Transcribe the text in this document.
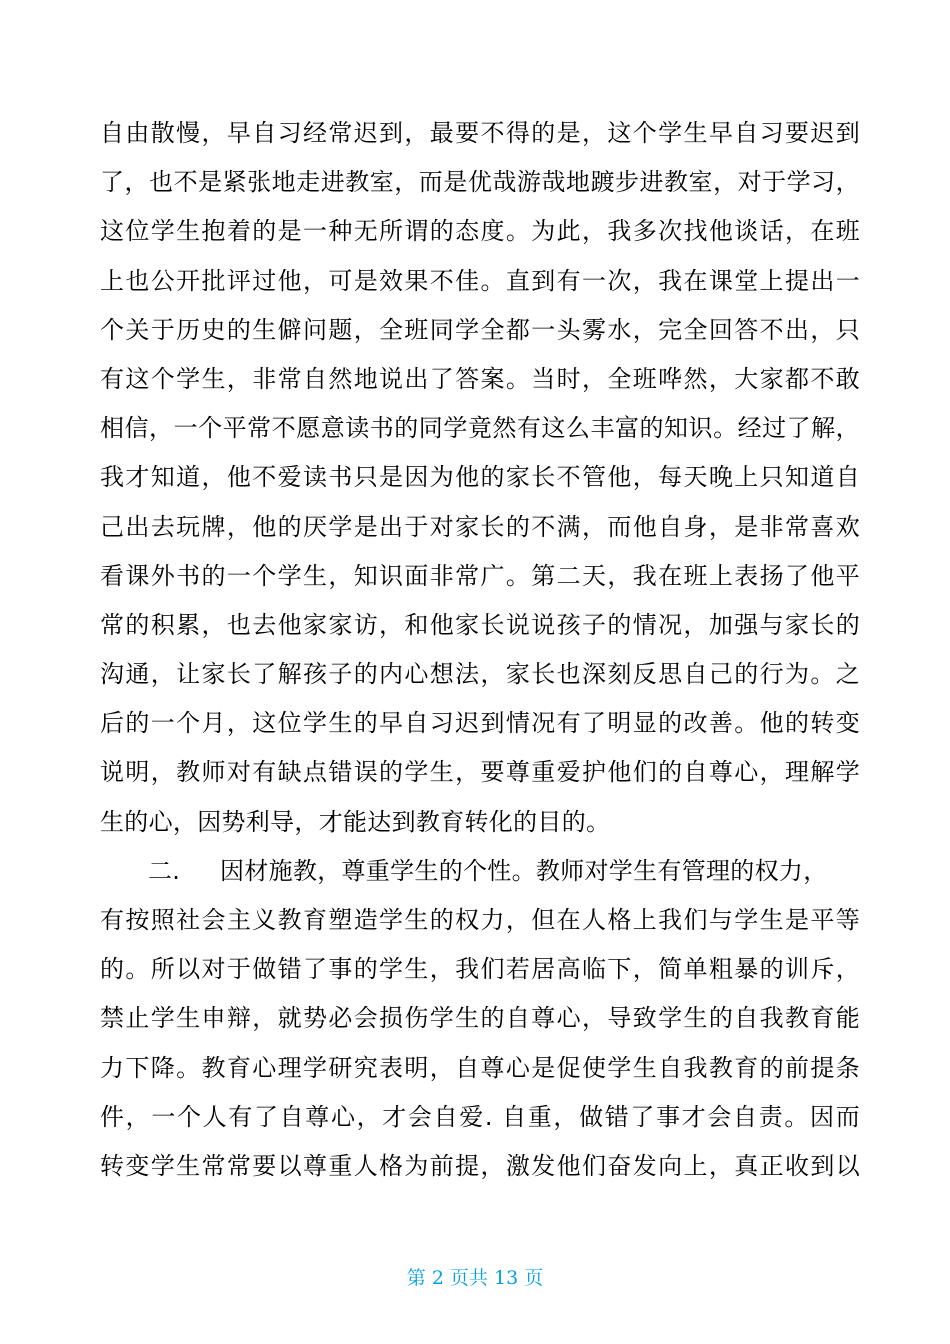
自由散慢，早自习经常迟到，最要不得的是，这个学生早自习要迟到
了，也不是紧张地走进教室，而是优哉游哉地踱步进教室，对于学习，
这位学生抱着的是一种无所谓的态度。为此，我多次找他谈话，在班
上也公开批评过他，可是效果不佳。直到有一次，我在课堂上提出一
个关于历史的生僻问题，全班同学全都一头雾水，完全回答不出，只
有这个学生，非常自然地说出了答案。当时，全班哗然，大家都不敢
相信，一个平常不愿意读书的同学竟然有这么丰富的知识。经过了解，
我才知道，他不爱读书只是因为他的家长不管他，每天晚上只知道自
己出去玩牌，他的厌学是出于对家长的不满，而他自身，是非常喜欢
看课外书的一个学生，知识面非常广。第二天，我在班上表扬了他平
常的积累，也去他家家访，和他家长说说孩子的情况，加强与家长的
沟通，让家长了解孩子的内心想法，家长也深刻反思自己的行为。之
后的一个月，这位学生的早自习迟到情况有了明显的改善。他的转变
说明，教师对有缺点错误的学生，要尊重爱护他们的自尊心，理解学
生的心，因势利导，才能达到教育转化的目的。
二. 因材施教，尊重学生的个性。教师对学生有管理的权力，
有按照社会主义教育塑造学生的权力，但在人格上我们与学生是平等
的。所以对于做错了事的学生，我们若居高临下，简单粗暴的训斥，
禁止学生申辩，就势必会损伤学生的自尊心，导致学生的自我教育能
力下降。教育心理学研究表明，自尊心是促使学生自我教育的前提条
件，一个人有了自尊心，才会自爱. 自重，做错了事才会自责。因而
转变学生常常要以尊重人格为前提，激发他们奋发向上，真正收到以
第 2 页共 13 页
